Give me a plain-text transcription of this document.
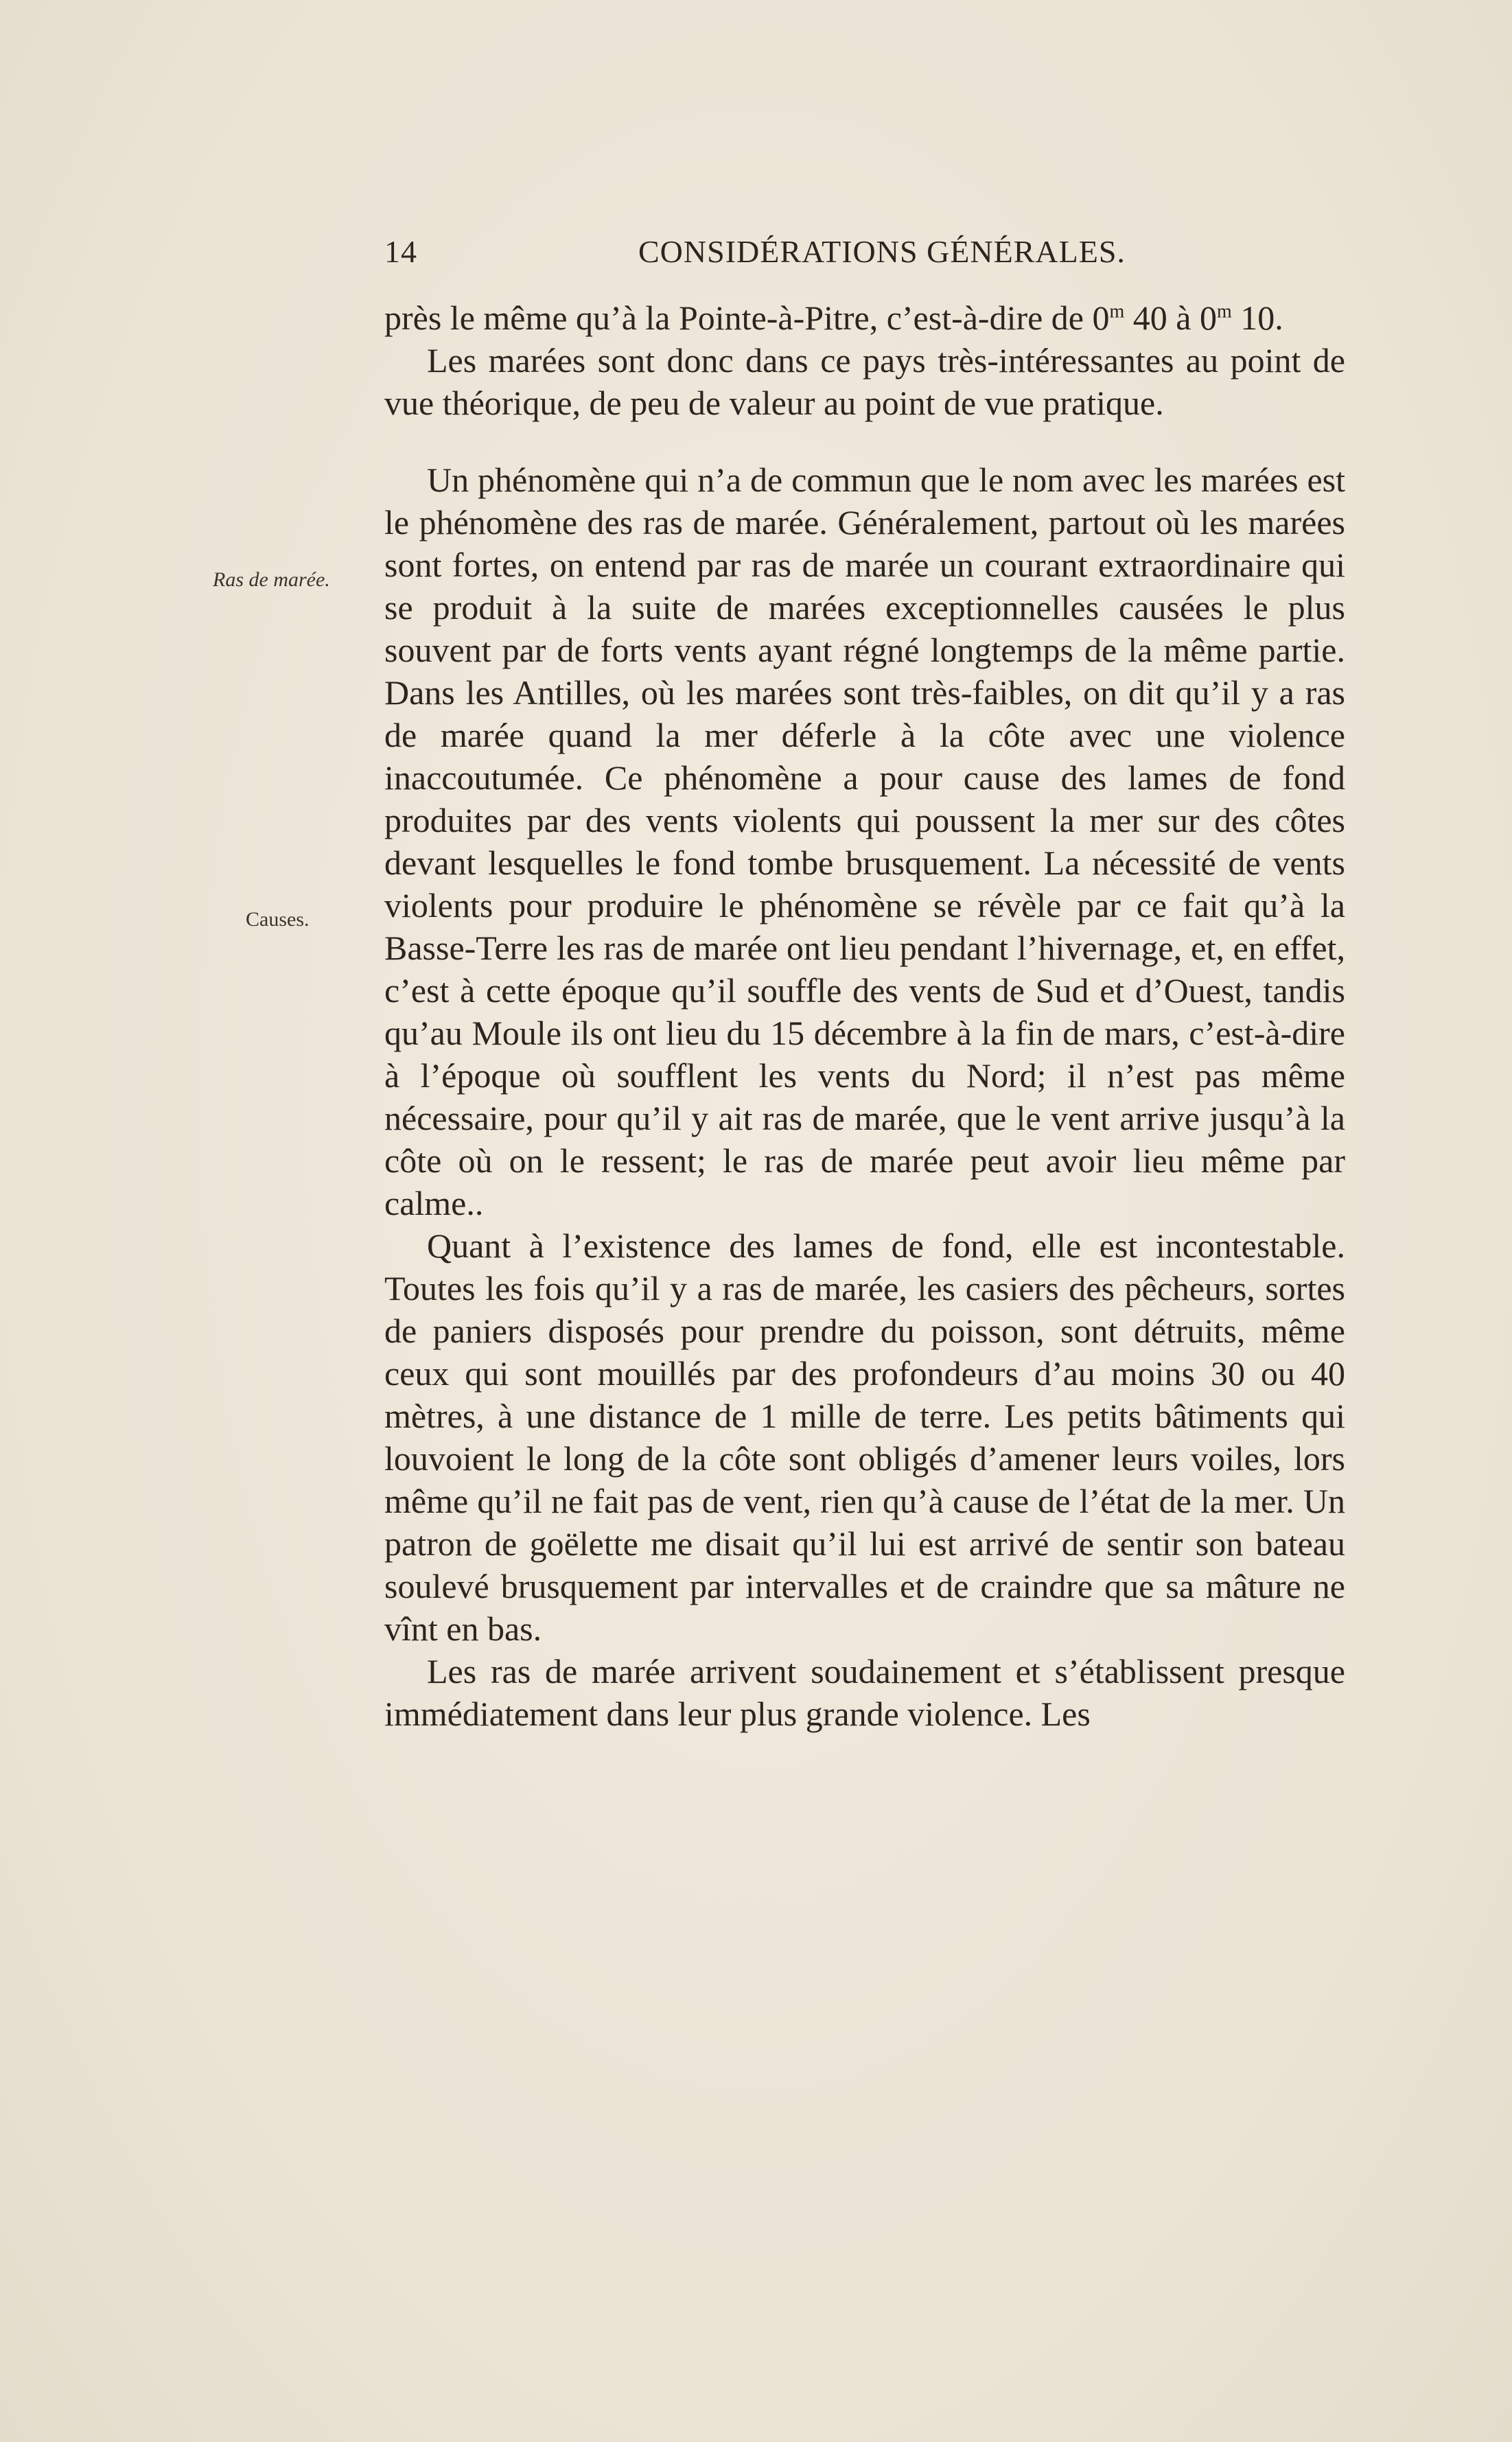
14	CONSIDÉRATIONS GÉNÉRALES.
Ras de marée.
Causes.

près le même qu’à la Pointe-à-Pitre, c’est-à-dire de 0$^m$ 40 à 0$^m$ 10.

Les marées sont donc dans ce pays très-intéressantes au point de vue théorique, de peu de valeur au point de vue pratique.

Un phénomène qui n’a de commun que le nom avec les marées est le phénomène des ras de marée. Généralement, partout où les marées sont fortes, on entend par ras de marée un courant extraordinaire qui se produit à la suite de marées exceptionnelles causées le plus souvent par de forts vents ayant régné longtemps de la même partie. Dans les Antilles, où les marées sont très-faibles, on dit qu’il y a ras de marée quand la mer déferle à la côte avec une violence inaccoutumée. Ce phénomène a pour cause des lames de fond produites par des vents violents qui poussent la mer sur des côtes devant lesquelles le fond tombe brusquement. La nécessité de vents violents pour produire le phénomène se révèle par ce fait qu’à la Basse-Terre les ras de marée ont lieu pendant l’hivernage, et, en effet, c’est à cette époque qu’il souffle des vents de Sud et d’Ouest, tandis qu’au Moule ils ont lieu du 15 décembre à la fin de mars, c’est-à-dire à l’époque où soufflent les vents du Nord; il n’est pas même nécessaire, pour qu’il y ait ras de marée, que le vent arrive jusqu’à la côte où on le ressent; le ras de marée peut avoir lieu même par calme..

Quant à l’existence des lames de fond, elle est incontestable. Toutes les fois qu’il y a ras de marée, les casiers des pêcheurs, sortes de paniers disposés pour prendre du poisson, sont détruits, même ceux qui sont mouillés par des profondeurs d’au moins 30 ou 40 mètres, à une distance de 1 mille de terre. Les petits bâtiments qui louvoient le long de la côte sont obligés d’amener leurs voiles, lors même qu’il ne fait pas de vent, rien qu’à cause de l’état de la mer. Un patron de goëlette me disait qu’il lui est arrivé de sentir son bateau soulevé brusquement par intervalles et de craindre que sa mâture ne vînt en bas.

Les ras de marée arrivent soudainement et s’établissent presque immédiatement dans leur plus grande violence. Les
